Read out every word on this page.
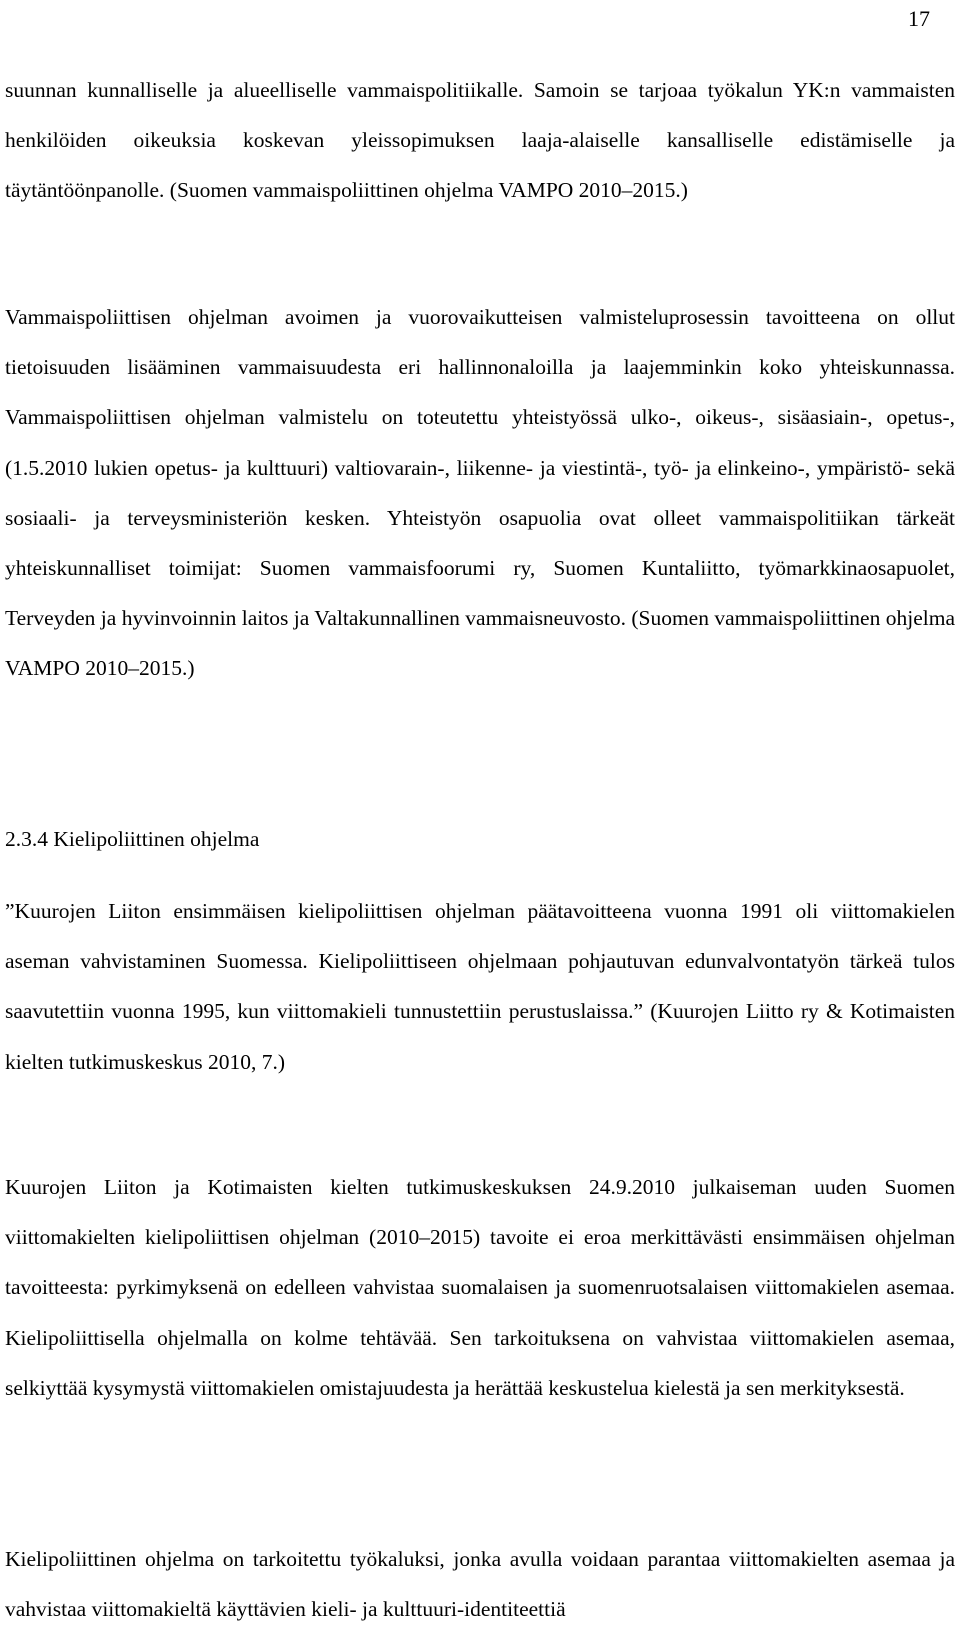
17

suunnan kunnalliselle ja alueelliselle vammaispolitiikalle. Samoin se tarjoaa työkalun YK:n vammaisten henkilöiden oikeuksia koskevan yleissopimuksen laaja-alaiselle kansalliselle edistämiselle ja täytäntöönpanolle. (Suomen vammaispoliittinen ohjelma VAMPO 2010–2015.)

Vammaispoliittisen ohjelman avoimen ja vuorovaikutteisen valmisteluprosessin tavoitteena on ollut tietoisuuden lisääminen vammaisuudesta eri hallinnonaloilla ja laajemminkin koko yhteiskunnassa. Vammaispoliittisen ohjelman valmistelu on toteutettu yhteistyössä ulko-, oikeus-, sisäasiain-, opetus-, (1.5.2010 lukien opetus- ja kulttuuri) valtiovarain-, liikenne- ja viestintä-, työ- ja elinkeino-, ympäristö- sekä sosiaali- ja terveysministeriön kesken. Yhteistyön osapuolia ovat olleet vammaispolitiikan tärkeät yhteiskunnalliset toimijat: Suomen vammaisfoorumi ry, Suomen Kuntaliitto, työmarkkinaosapuolet, Terveyden ja hyvinvoinnin laitos ja Valtakunnallinen vammaisneuvosto. (Suomen vammaispoliittinen ohjelma VAMPO 2010–2015.)

2.3.4 Kielipoliittinen ohjelma

”Kuurojen Liiton ensimmäisen kielipoliittisen ohjelman päätavoitteena vuonna 1991 oli viittomakielen aseman vahvistaminen Suomessa. Kielipoliittiseen ohjelmaan pohjautuvan edunvalvontatyön tärkeä tulos saavutettiin vuonna 1995, kun viittomakieli tunnustettiin perustuslaissa.” (Kuurojen Liitto ry & Kotimaisten kielten tutkimuskeskus 2010, 7.)

Kuurojen Liiton ja Kotimaisten kielten tutkimuskeskuksen 24.9.2010 julkaiseman uuden Suomen viittomakielten kielipoliittisen ohjelman (2010–2015) tavoite ei eroa merkittävästi ensimmäisen ohjelman tavoitteesta: pyrkimyksenä on edelleen vahvistaa suomalaisen ja suomenruotsalaisen viittomakielen asemaa. Kielipoliittisella ohjelmalla on kolme tehtävää. Sen tarkoituksena on vahvistaa viittomakielen asemaa, selkiyttää kysymystä viittomakielen omistajuudesta ja herättää keskustelua kielestä ja sen merkityksestä.

Kielipoliittinen ohjelma on tarkoitettu työkaluksi, jonka avulla voidaan parantaa viittomakielten asemaa ja vahvistaa viittomakieltä käyttävien kieli- ja kulttuuri-identiteettiä
